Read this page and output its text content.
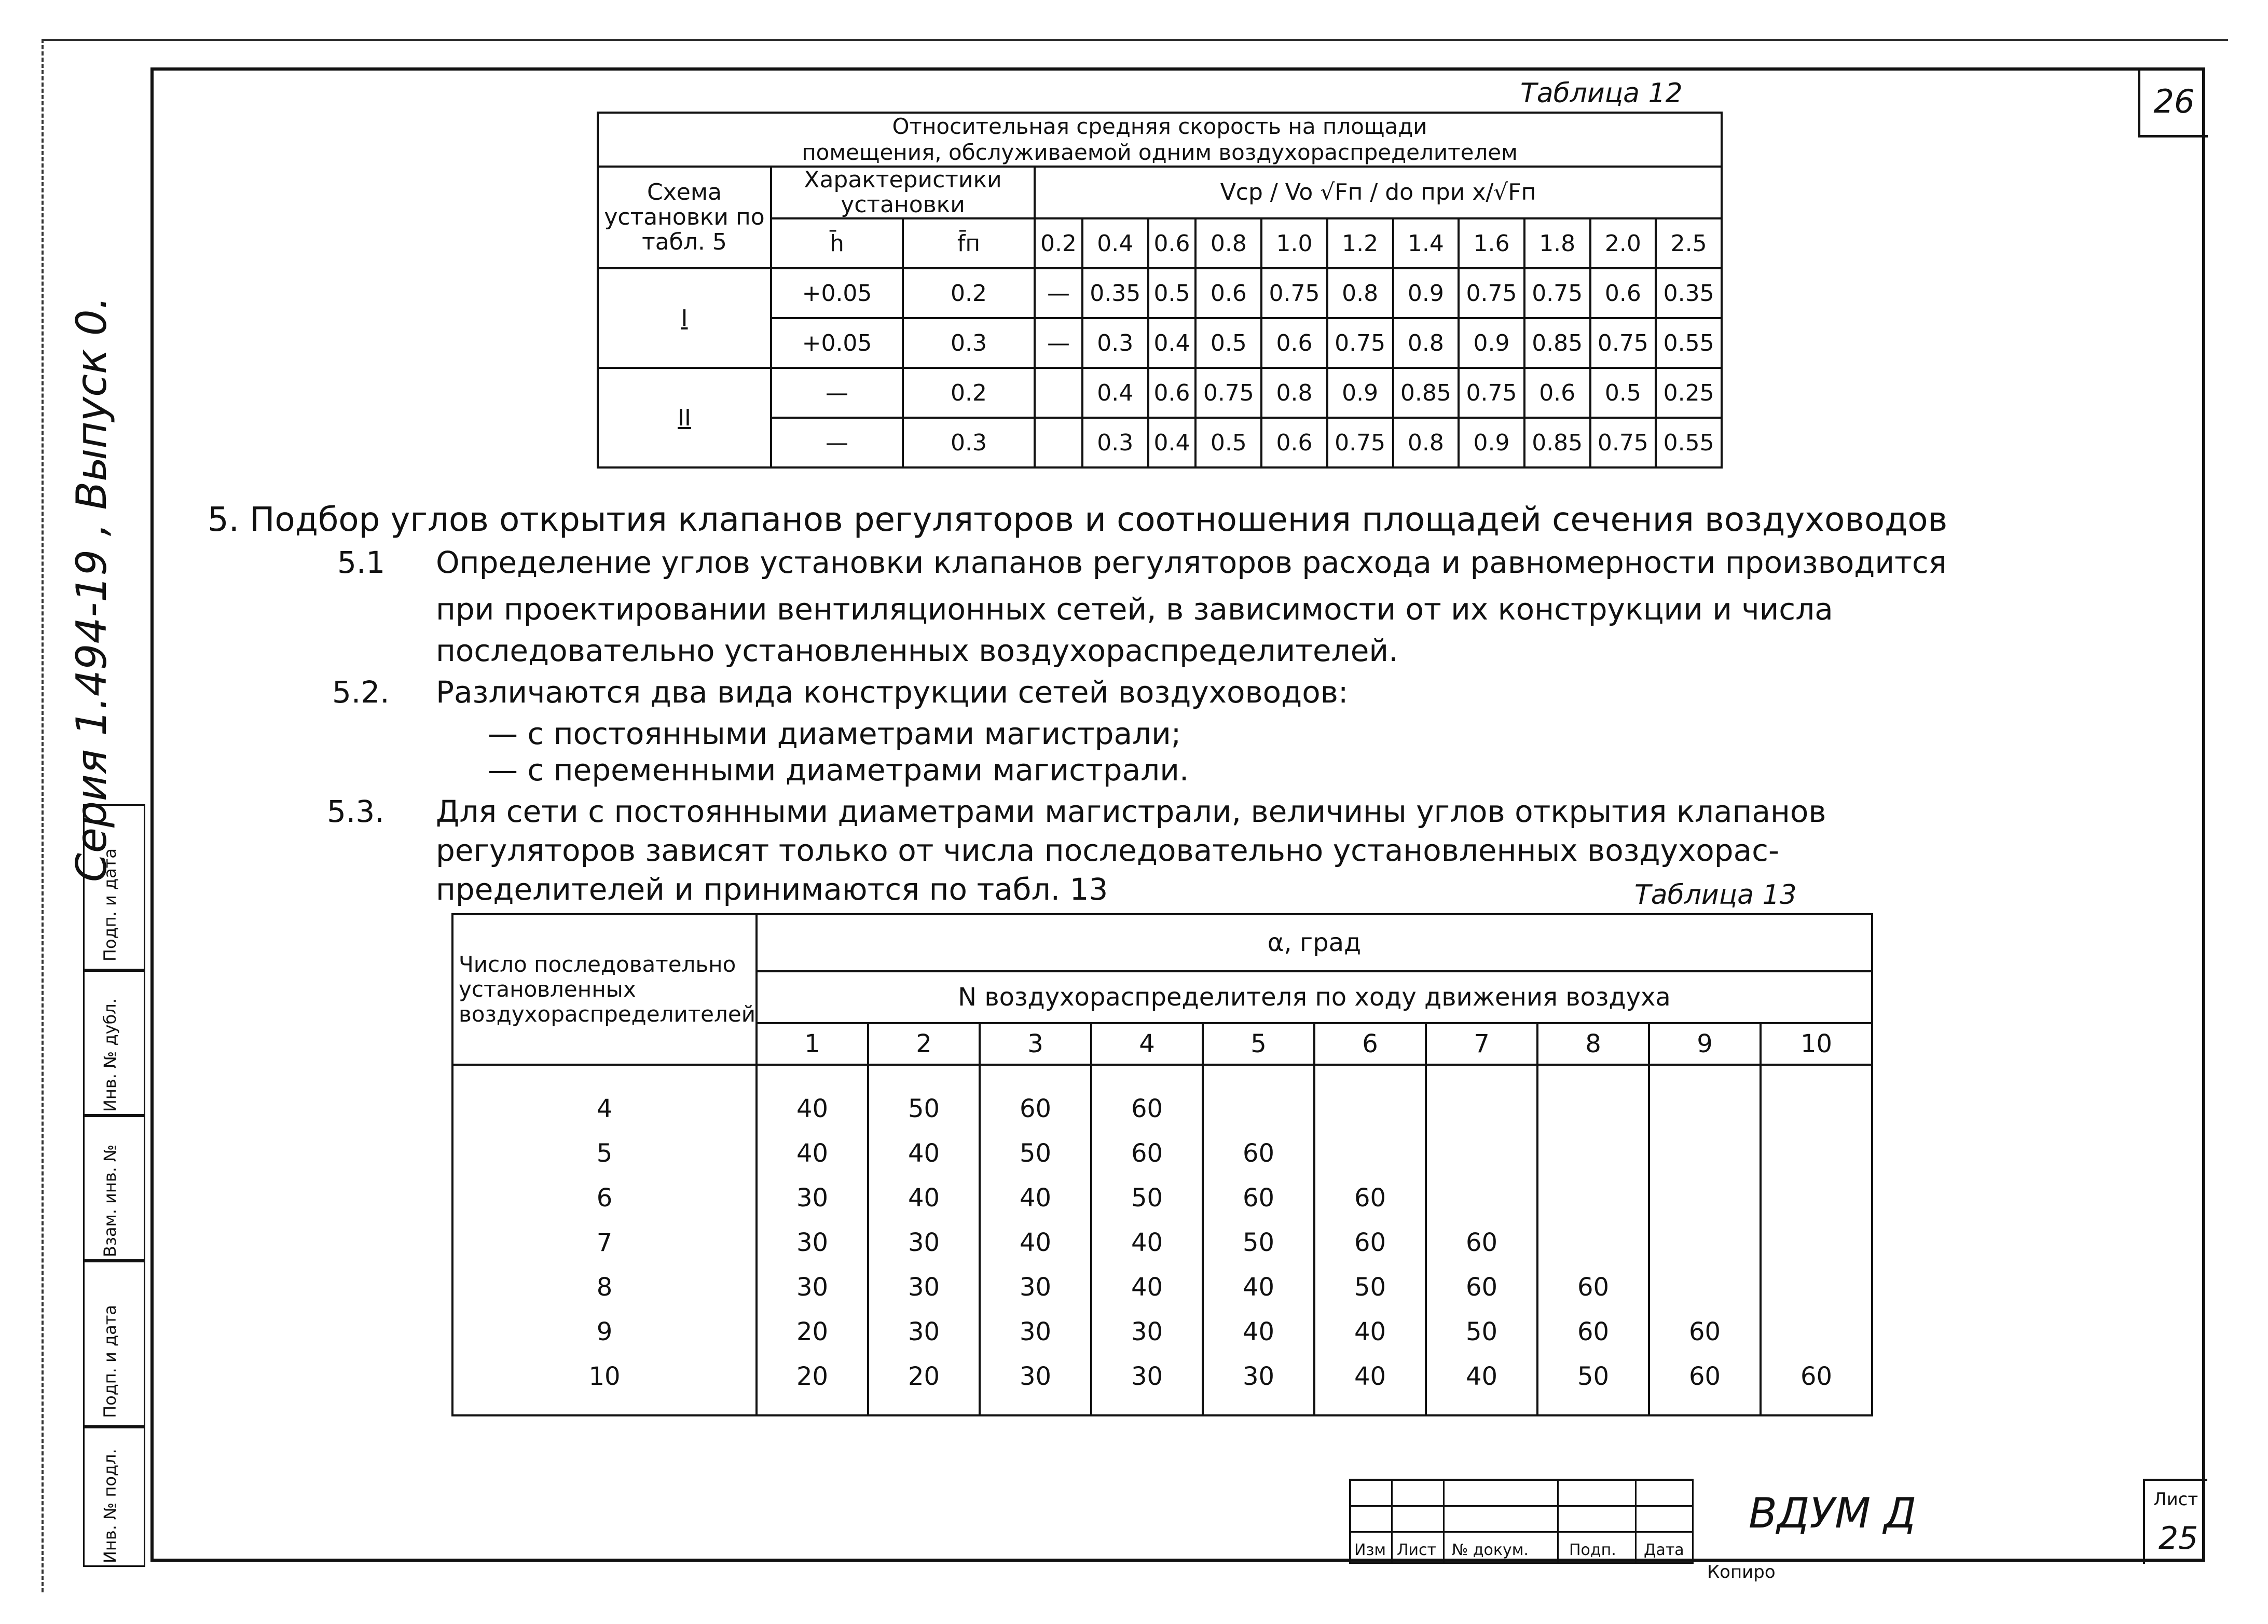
26
Серия 1.494-19 , Выпуск 0.
Подп. и дата
Инв. № дубл.
Взам. инв. №
Подп. и дата
Инв. № подл.
Таблица 12
Относительная средняя скорость на площади
помещения, обслуживаемой одним воздухораспределителем													

Схема установки по табл. 5	Характеристики установки		Vср / Vo √Fп / do при x/√Fп										
	h̄	f̄п	0.2	0.4	0.6	0.8	1.0	1.2	1.4	1.6	1.8	2.0	2.5
I	+0.05	0.2	—	0.35	0.5	0.6	0.75	0.8	0.9	0.75	0.75	0.6	0.35
	+0.05	0.3	—	0.3	0.4	0.5	0.6	0.75	0.8	0.9	0.85	0.75	0.55
II	—	0.2		0.4	0.6	0.75	0.8	0.9	0.85	0.75	0.6	0.5	0.25
	—	0.3		0.3	0.4	0.5	0.6	0.75	0.8	0.9	0.85	0.75	0.55
5. Подбор углов открытия клапанов регуляторов и соотношения площадей сечения воздуховодов
5.1 Определение углов установки клапанов регуляторов расхода и равномерности производится
при проектировании вентиляционных сетей, в зависимости от их конструкции и числа
последовательно установленных воздухораспределителей.
5.2. Различаются два вида конструкции сетей воздуховодов:
— с постоянными диаметрами магистрали;
— с переменными диаметрами магистрали.
5.3. Для сети с постоянными диаметрами магистрали, величины углов открытия клапанов
регуляторов зависят только от числа последовательно установленных воздухорас-
пределителей и принимаются по табл. 13	Таблица 13
Число последовательно установленных воздухораспределителей	α, град									
	N воздухораспределителя по ходу движения воздуха									
	1	2	3	4	5	6	7	8	9	10
4	40	50	60	60						
5	40	40	50	60	60					
6	30	40	40	50	60	60				
7	30	30	40	40	50	60	60			
8	30	30	30	40	40	50	60	60		
9	20	30	30	30	40	40	50	60	60	
10	20	20	30	30	30	40	40	50	60	60
Изм Лист № докум.	Подп. Дата
ВДУМ Д	Лист
25
Копиро
